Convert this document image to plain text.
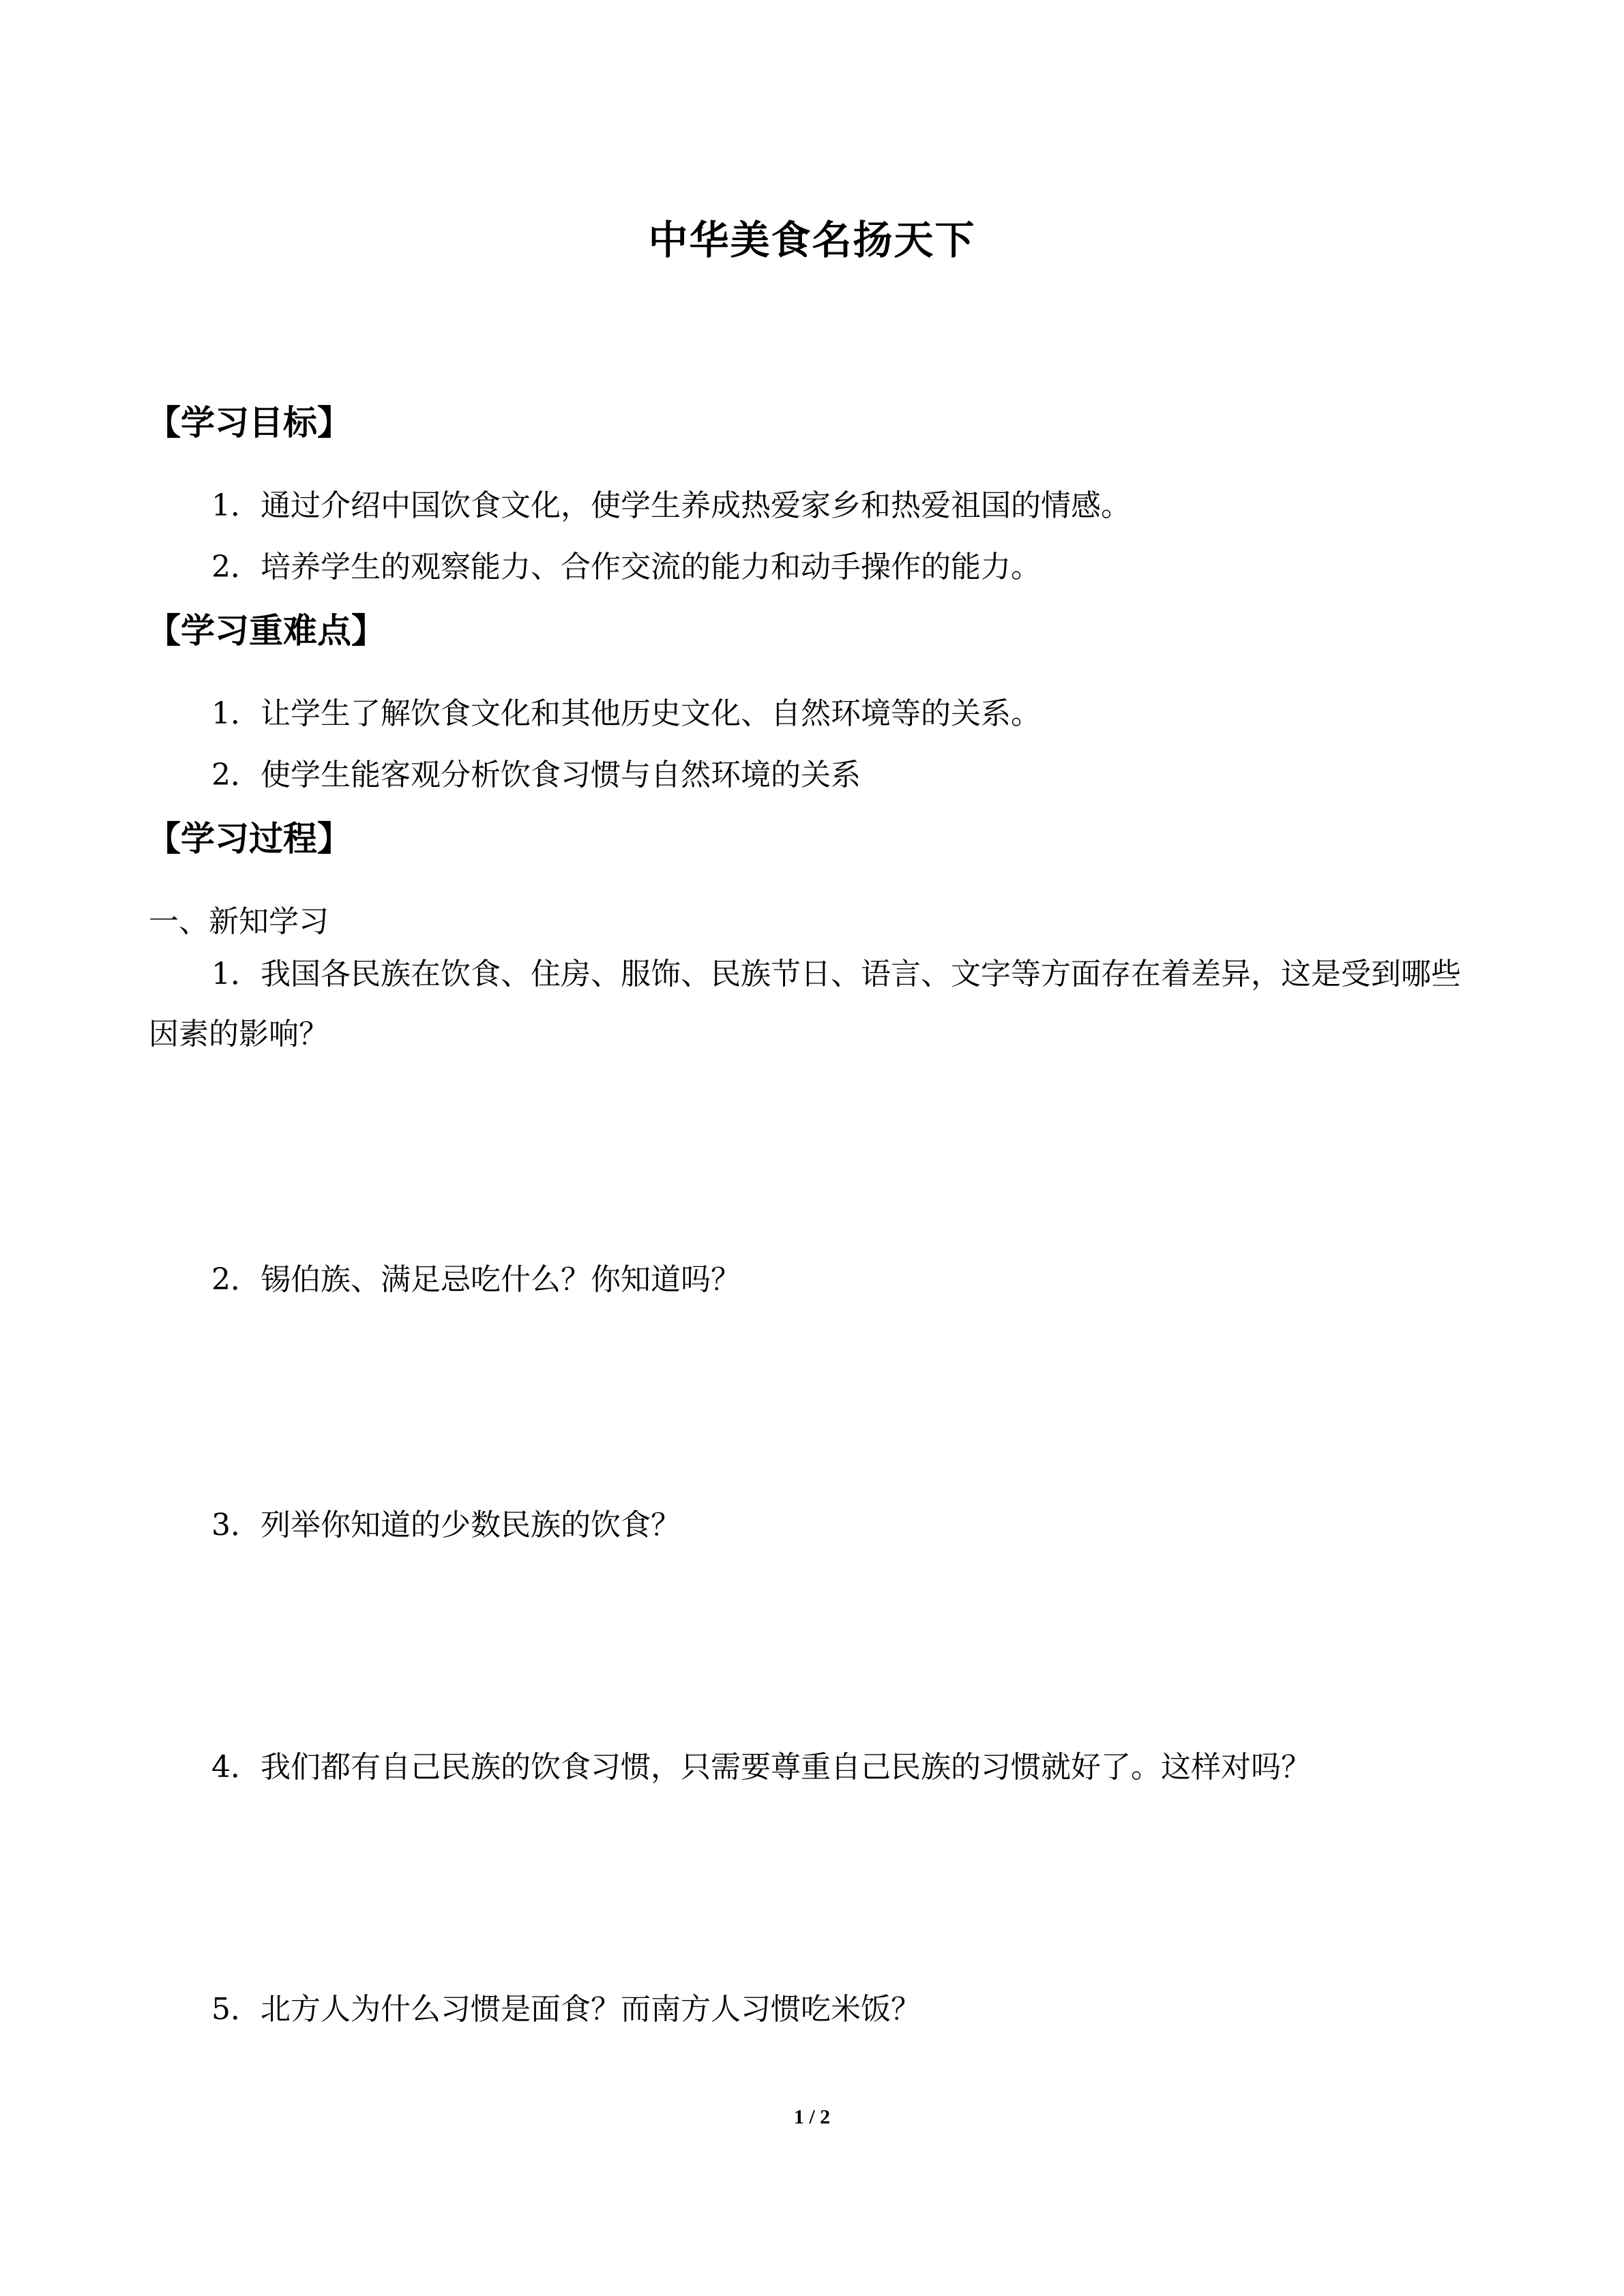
中华美食名扬天下
【学习目标】
1．通过介绍中国饮食文化，使学生养成热爱家乡和热爱祖国的情感。
2．培养学生的观察能力、合作交流的能力和动手操作的能力。
【学习重难点】
1．让学生了解饮食文化和其他历史文化、自然环境等的关系。
2．使学生能客观分析饮食习惯与自然环境的关系
【学习过程】
一、新知学习
1．我国各民族在饮食、住房、服饰、民族节日、语言、文字等方面存在着差异，这是受到哪些因素的影响？
2．锡伯族、满足忌吃什么？你知道吗？
3．列举你知道的少数民族的饮食？
4．我们都有自己民族的饮食习惯，只需要尊重自己民族的习惯就好了。这样对吗？
5．北方人为什么习惯是面食？而南方人习惯吃米饭？
1 / 2
